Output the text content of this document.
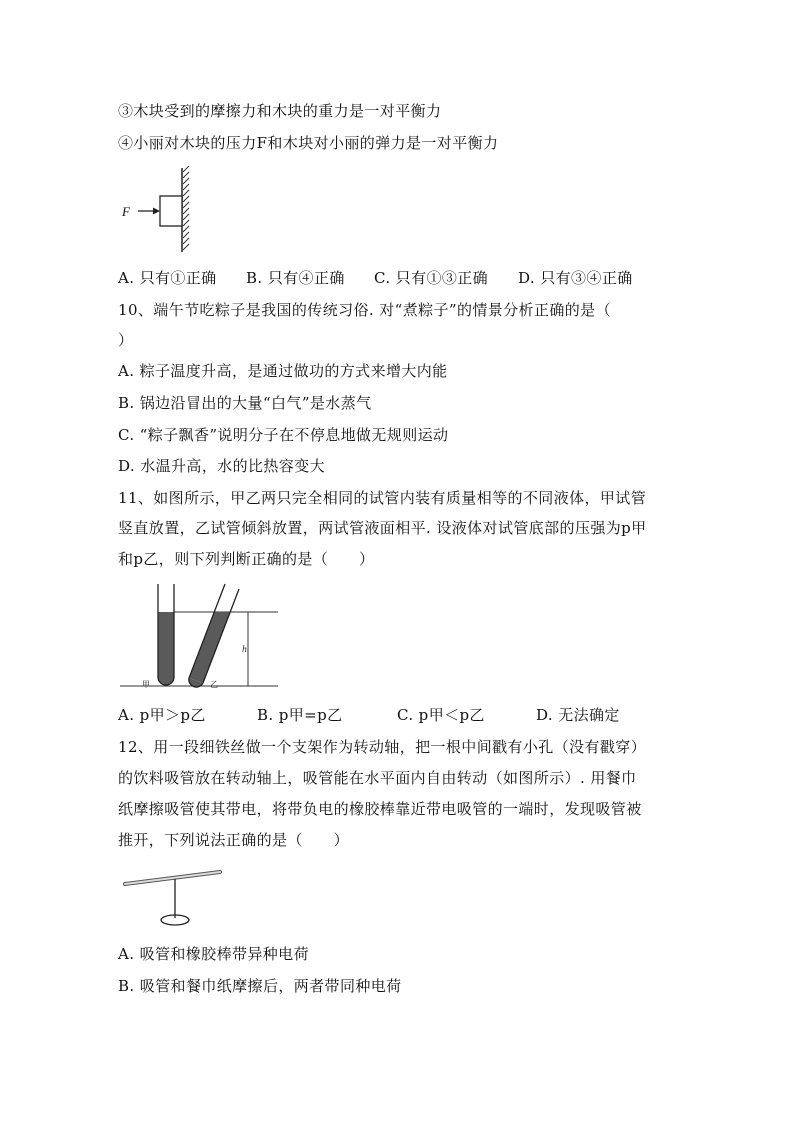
③木块受到的摩擦力和木块的重力是一对平衡力
④小丽对木块的压力F和木块对小丽的弹力是一对平衡力
F
A. 只有①正确 B. 只有④正确 C. 只有①③正确 D. 只有③④正确
10、端午节吃粽子是我国的传统习俗. 对“煮粽子”的情景分析正确的是（
）
A. 粽子温度升高，是通过做功的方式来增大内能
B. 锅边沿冒出的大量“白气”是水蒸气
C. “粽子飘香”说明分子在不停息地做无规则运动
D. 水温升高，水的比热容变大
11、如图所示，甲乙两只完全相同的试管内装有质量相等的不同液体，甲试管
竖直放置，乙试管倾斜放置，两试管液面相平. 设液体对试管底部的压强为p甲
和p乙，则下列判断正确的是（　　）
甲	乙
h
A. p甲＞p乙	B. p甲=p乙	C. p甲＜p乙	D. 无法确定
12、用一段细铁丝做一个支架作为转动轴，把一根中间戳有小孔（没有戳穿）
的饮料吸管放在转动轴上，吸管能在水平面内自由转动（如图所示）. 用餐巾
纸摩擦吸管使其带电，将带负电的橡胶棒靠近带电吸管的一端时，发现吸管被
推开，下列说法正确的是（　　）
A. 吸管和橡胶棒带异种电荷
B. 吸管和餐巾纸摩擦后，两者带同种电荷
